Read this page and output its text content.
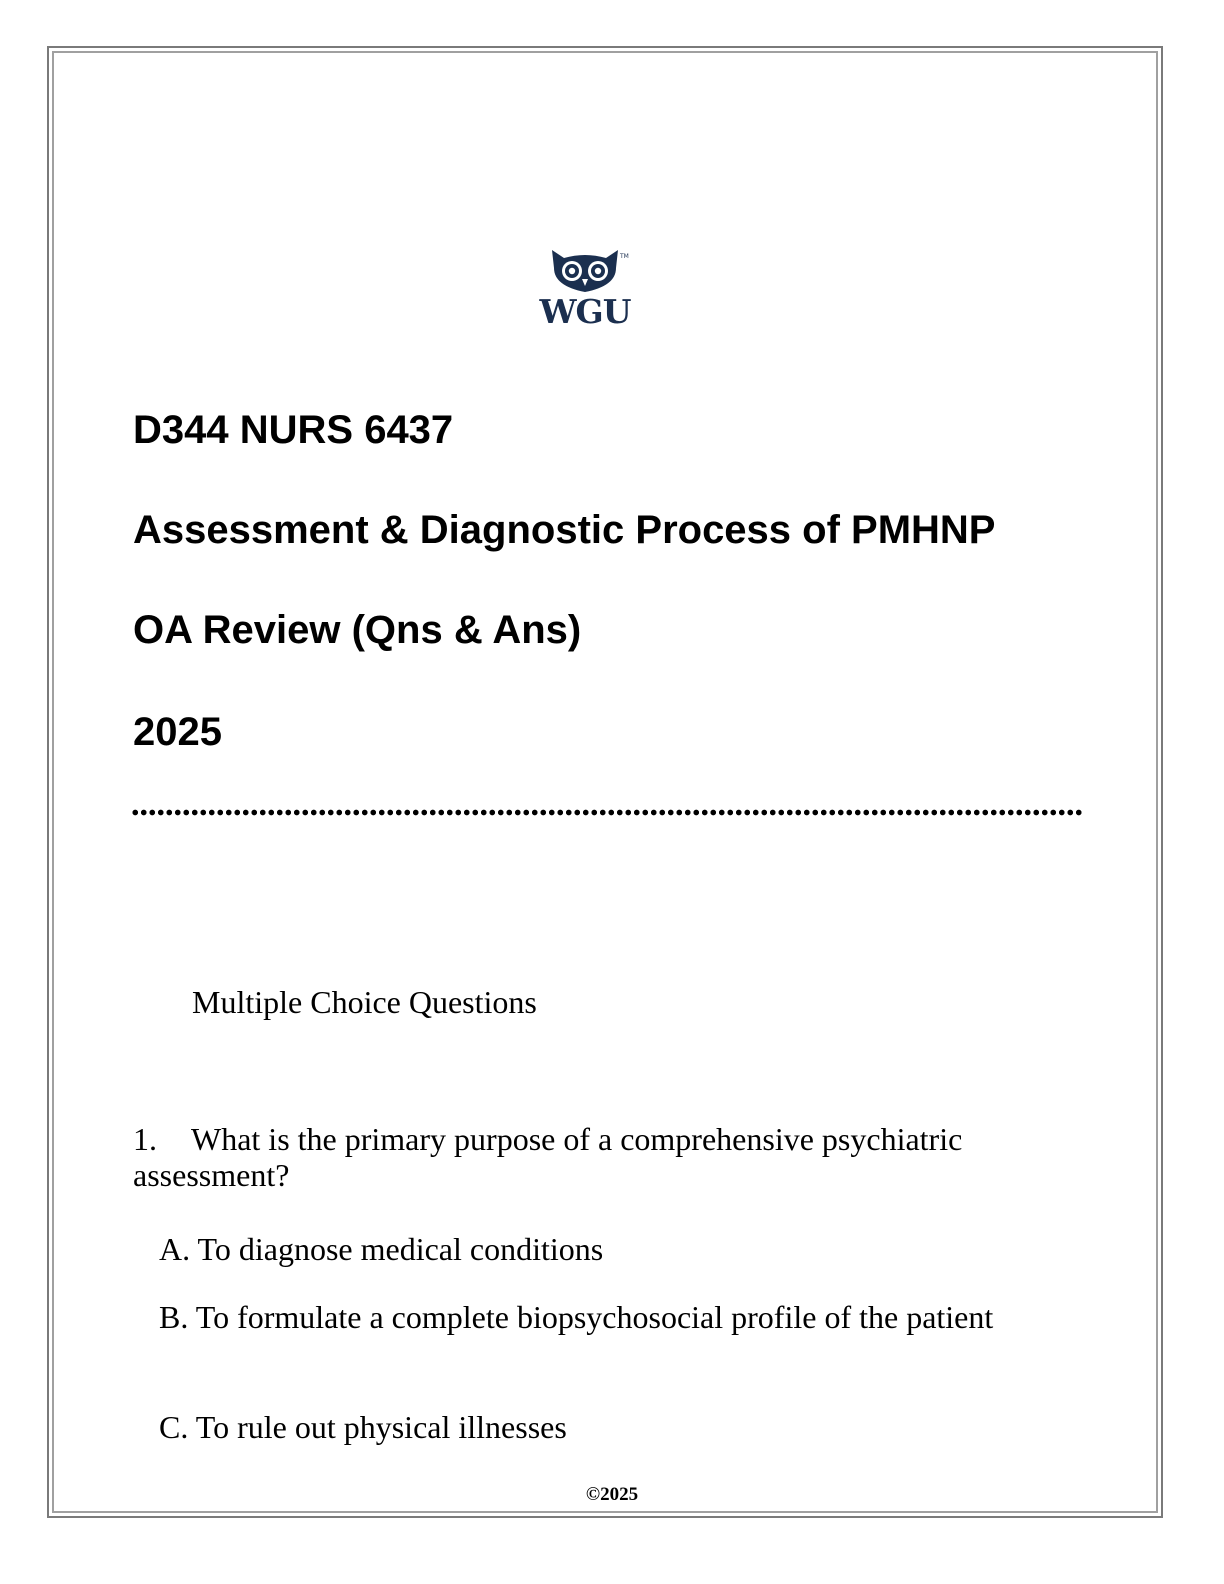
TM
WGU
D344 NURS 6437
Assessment & Diagnostic Process of PMHNP
OA Review (Qns & Ans)
2025
Multiple Choice Questions
1. What is the primary purpose of a comprehensive psychiatric assessment?
A. To diagnose medical conditions
B. To formulate a complete biopsychosocial profile of the patient
C. To rule out physical illnesses
©2025
